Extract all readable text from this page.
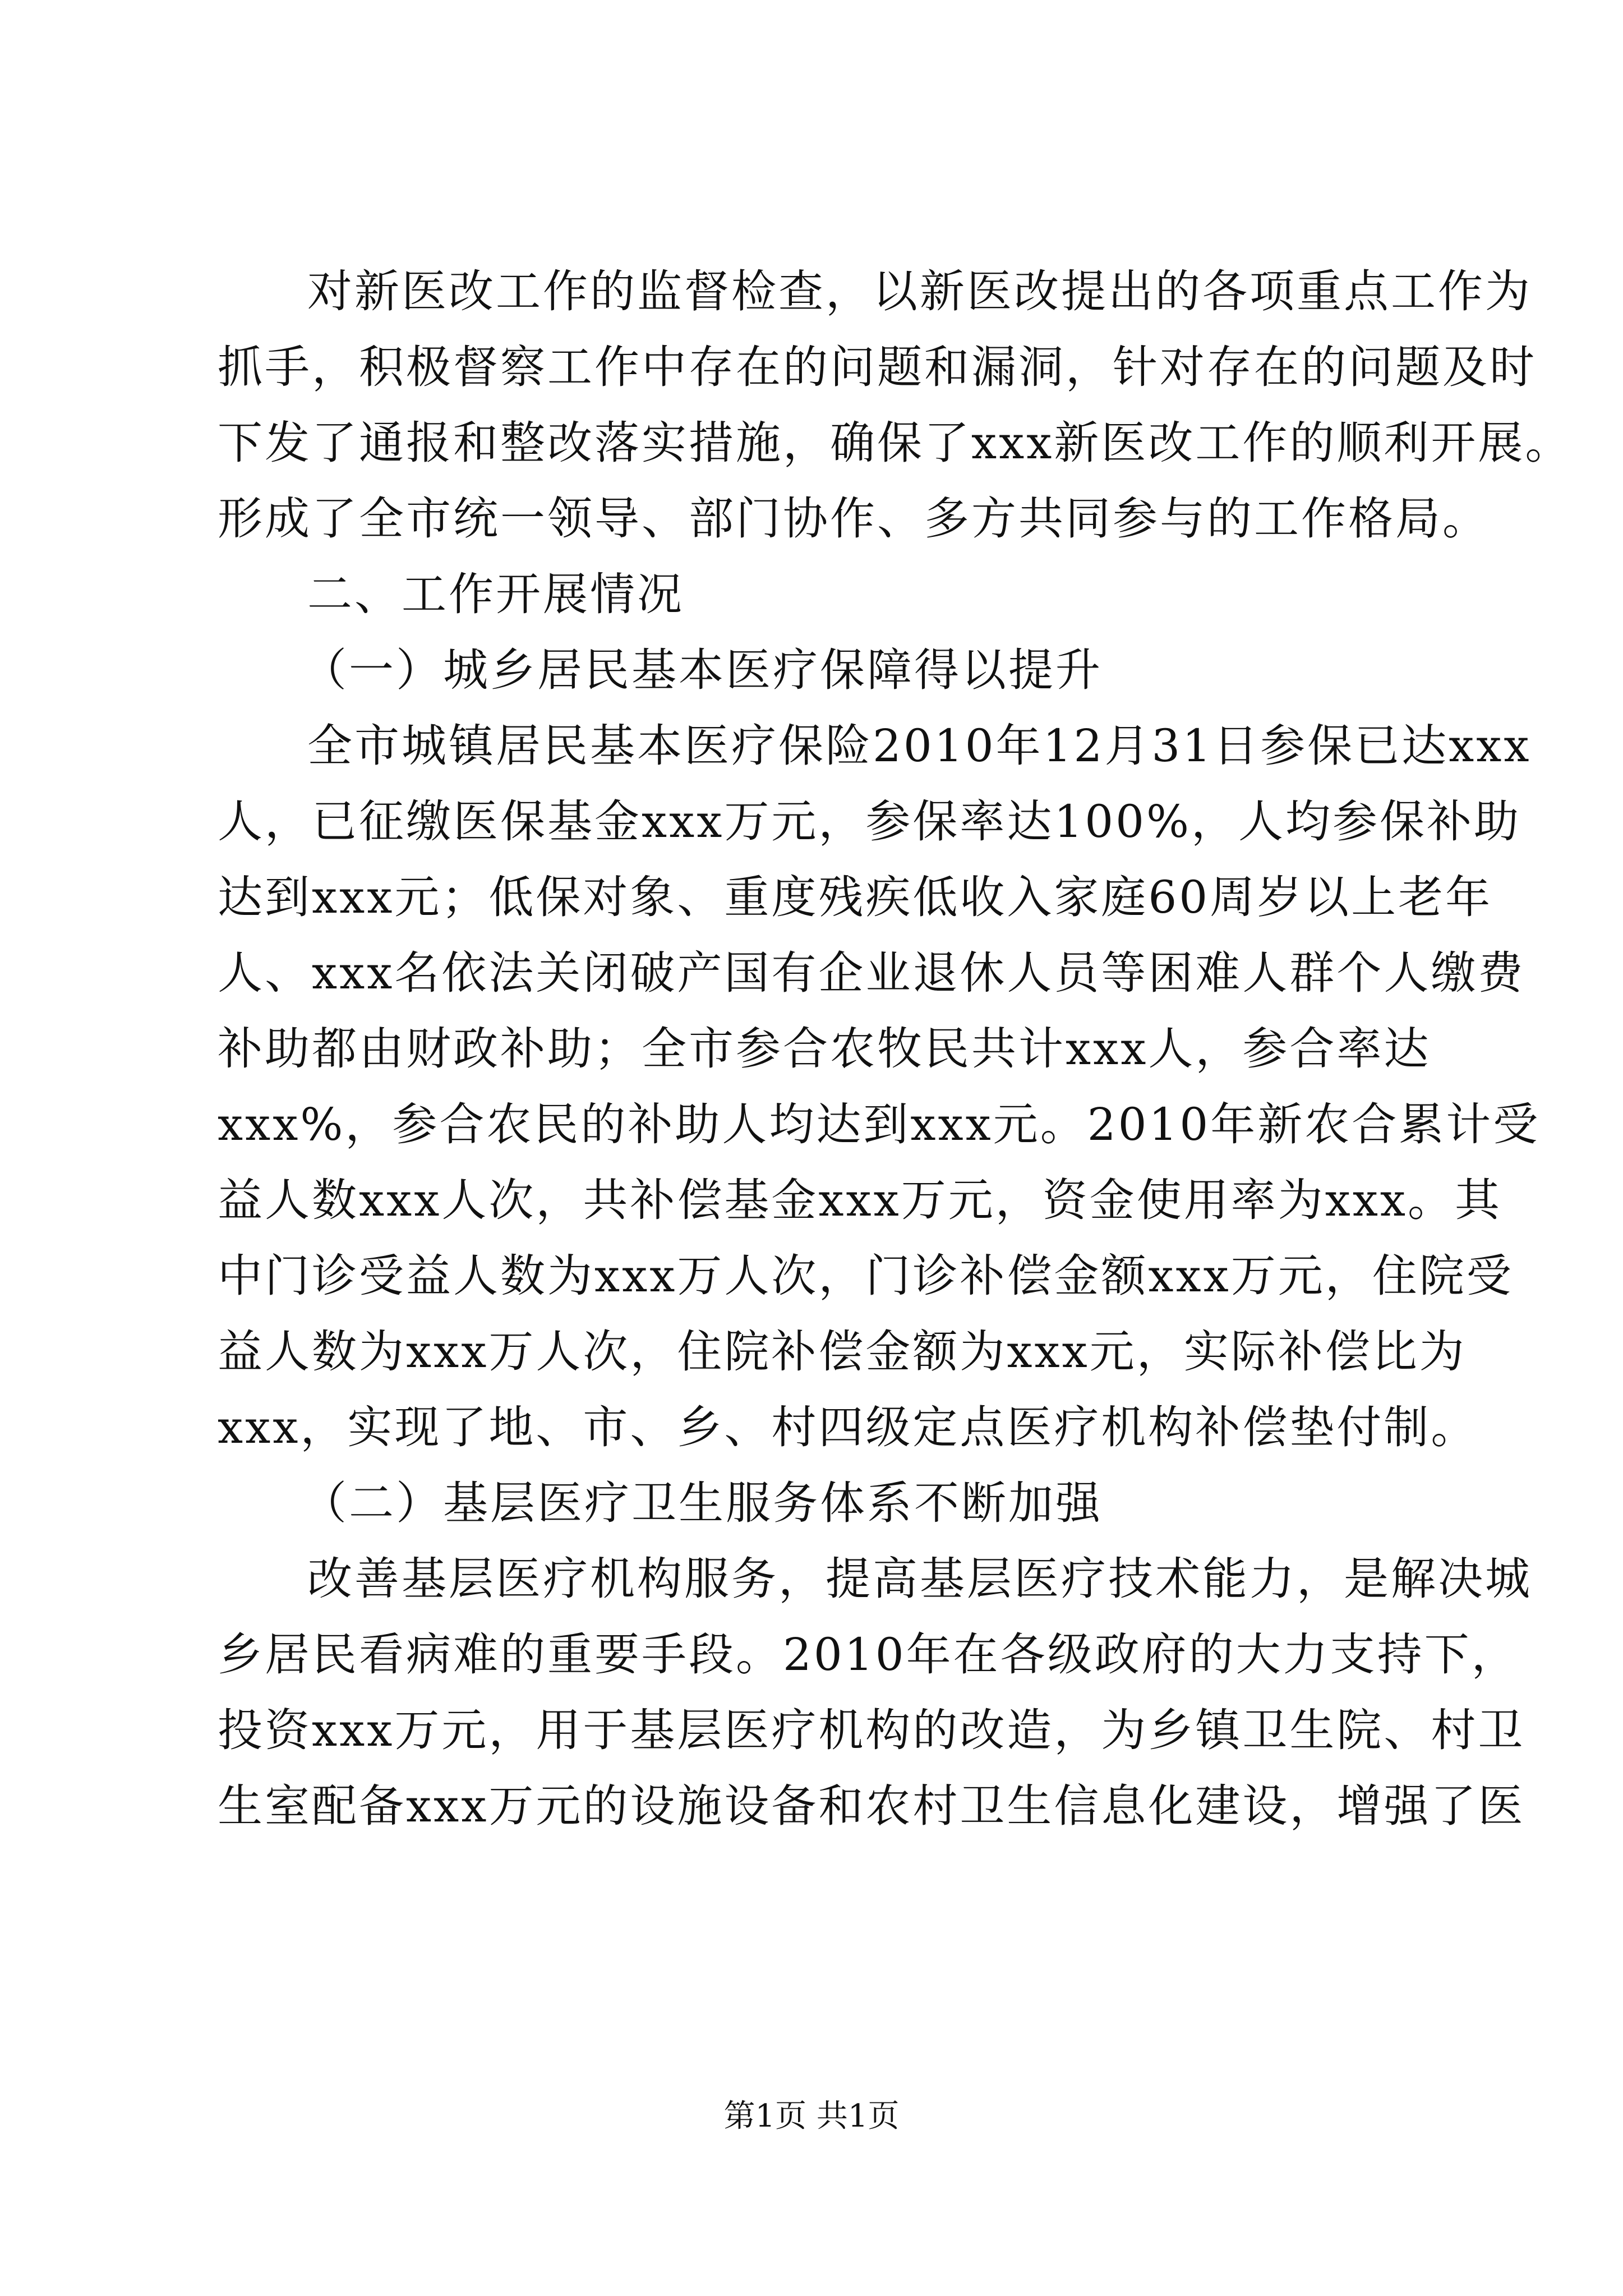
对新医改工作的监督检查，以新医改提出的各项重点工作为
抓手，积极督察工作中存在的问题和漏洞，针对存在的问题及时
下发了通报和整改落实措施，确保了xxx新医改工作的顺利开展。
形成了全市统一领导、部门协作、多方共同参与的工作格局。
二、工作开展情况
（一）城乡居民基本医疗保障得以提升
全市城镇居民基本医疗保险2010年12月31日参保已达xxx
人，已征缴医保基金xxx万元，参保率达100%，人均参保补助
达到xxx元；低保对象、重度残疾低收入家庭60周岁以上老年
人、xxx名依法关闭破产国有企业退休人员等困难人群个人缴费
补助都由财政补助；全市参合农牧民共计xxx人，参合率达
xxx%，参合农民的补助人均达到xxx元。2010年新农合累计受
益人数xxx人次，共补偿基金xxx万元，资金使用率为xxx。其
中门诊受益人数为xxx万人次，门诊补偿金额xxx万元，住院受
益人数为xxx万人次，住院补偿金额为xxx元，实际补偿比为
xxx，实现了地、市、乡、村四级定点医疗机构补偿垫付制。
（二）基层医疗卫生服务体系不断加强
改善基层医疗机构服务，提高基层医疗技术能力，是解决城
乡居民看病难的重要手段。2010年在各级政府的大力支持下，
投资xxx万元，用于基层医疗机构的改造，为乡镇卫生院、村卫
生室配备xxx万元的设施设备和农村卫生信息化建设，增强了医
第1页 共1页
